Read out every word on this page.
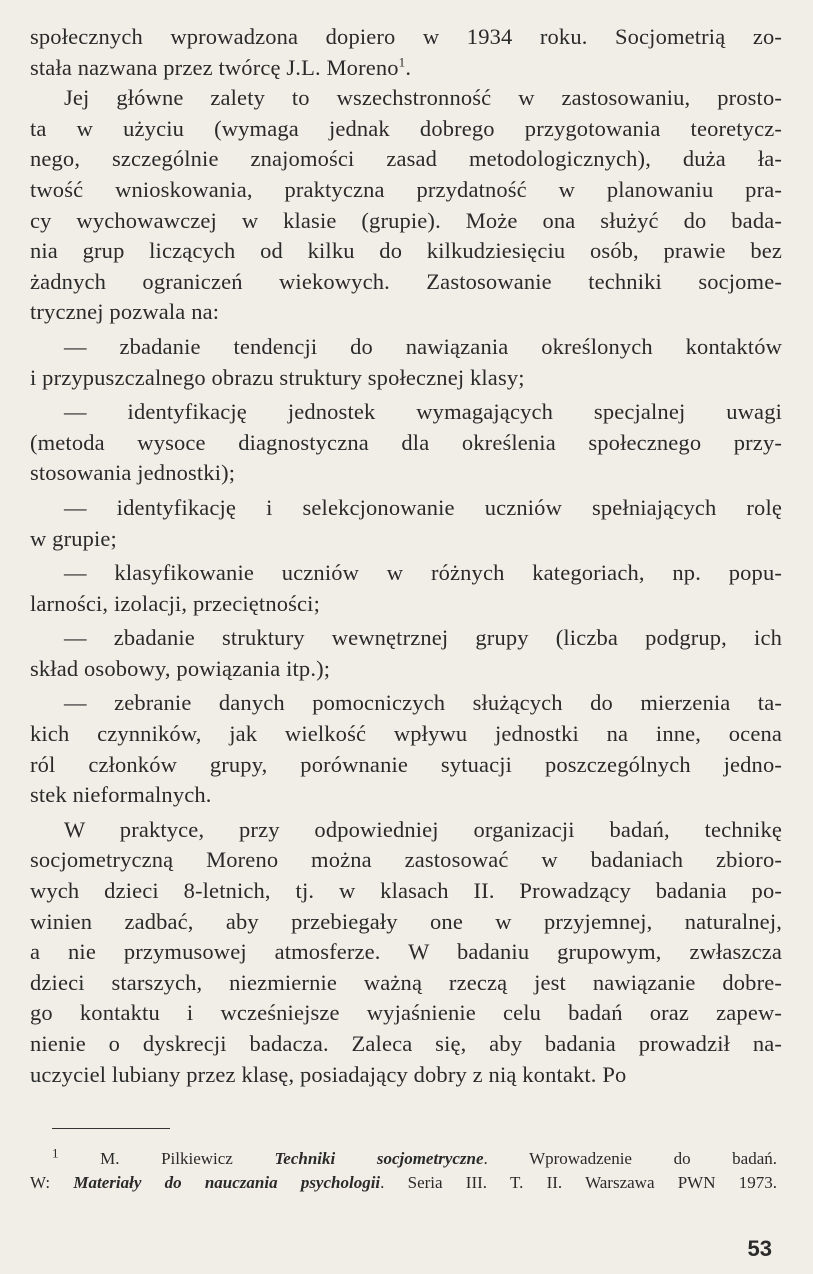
społecznych wprowadzona dopiero w 1934 roku. Socjometrią zo-
stała nazwana przez twórcę J.L. Moreno$^1$.
Jej główne zalety to wszechstronność w zastosowaniu, prosto-
ta w użyciu (wymaga jednak dobrego przygotowania teoretycz-
nego, szczególnie znajomości zasad metodologicznych), duża ła-
twość wnioskowania, praktyczna przydatność w planowaniu pra-
cy wychowawczej w klasie (grupie). Może ona służyć do bada-
nia grup liczących od kilku do kilkudziesięciu osób, prawie bez
żadnych ograniczeń wiekowych. Zastosowanie techniki socjome-
trycznej pozwala na:
— zbadanie tendencji do nawiązania określonych kontaktów
i przypuszczalnego obrazu struktury społecznej klasy;
— identyfikację jednostek wymagających specjalnej uwagi
(metoda wysoce diagnostyczna dla określenia społecznego przy-
stosowania jednostki);
— identyfikację i selekcjonowanie uczniów spełniających rolę
w grupie;
— klasyfikowanie uczniów w różnych kategoriach, np. popu-
larności, izolacji, przeciętności;
— zbadanie struktury wewnętrznej grupy (liczba podgrup, ich
skład osobowy, powiązania itp.);
— zebranie danych pomocniczych służących do mierzenia ta-
kich czynników, jak wielkość wpływu jednostki na inne, ocena
ról członków grupy, porównanie sytuacji poszczególnych jedno-
stek nieformalnych.
W praktyce, przy odpowiedniej organizacji badań, technikę
socjometryczną Moreno można zastosować w badaniach zbioro-
wych dzieci 8-letnich, tj. w klasach II. Prowadzący badania po-
winien zadbać, aby przebiegały one w przyjemnej, naturalnej,
a nie przymusowej atmosferze. W badaniu grupowym, zwłaszcza
dzieci starszych, niezmiernie ważną rzeczą jest nawiązanie dobre-
go kontaktu i wcześniejsze wyjaśnienie celu badań oraz zapew-
nienie o dyskrecji badacza. Zaleca się, aby badania prowadził na-
uczyciel lubiany przez klasę, posiadający dobry z nią kontakt. Po
$^1$ M. Pilkiewicz Techniki socjometryczne. Wprowadzenie do badań.
W: Materiały do nauczania psychologii. Seria III. T. II. Warszawa PWN 1973.
53
